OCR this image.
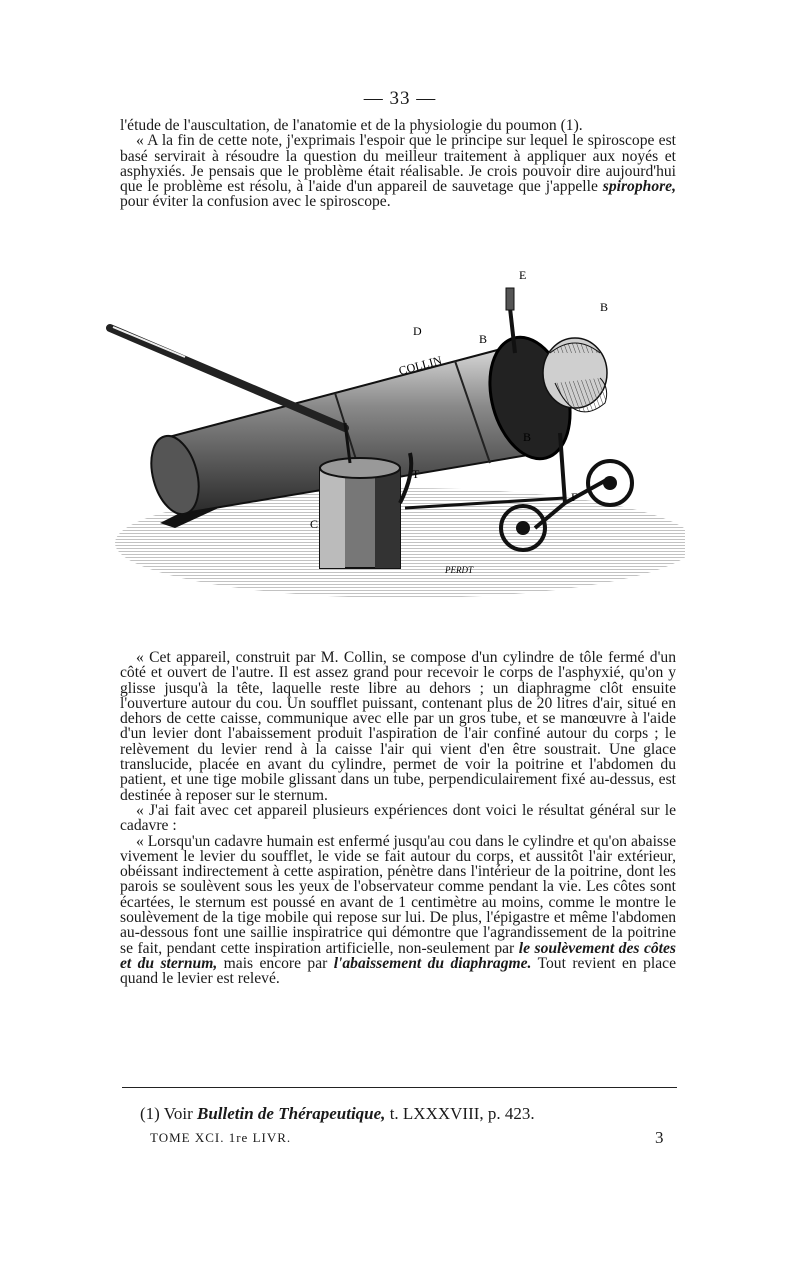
— 33 —

l'étude de l'auscultation, de l'anatomie et de la physiologie du poumon (1).

« A la fin de cette note, j'exprimais l'espoir que le principe sur lequel le spiroscope est basé servirait à résoudre la question du meilleur traitement à appliquer aux noyés et asphyxiés. Je pensais que le problème était réalisable. Je crois pouvoir dire aujourd'hui que le problème est résolu, à l'aide d'un appareil de sauvetage que j'appelle spirophore, pour éviter la confusion avec le spiroscope.

E
B
D
B
B
COLLIN
T
F
C
PERDT

« Cet appareil, construit par M. Collin, se compose d'un cylindre de tôle fermé d'un côté et ouvert de l'autre. Il est assez grand pour recevoir le corps de l'asphyxié, qu'on y glisse jusqu'à la tête, laquelle reste libre au dehors ; un diaphragme clôt ensuite l'ouverture autour du cou. Un soufflet puissant, contenant plus de 20 litres d'air, situé en dehors de cette caisse, communique avec elle par un gros tube, et se manœuvre à l'aide d'un levier dont l'abaissement produit l'aspiration de l'air confiné autour du corps ; le relèvement du levier rend à la caisse l'air qui vient d'en être soustrait. Une glace translucide, placée en avant du cylindre, permet de voir la poitrine et l'abdomen du patient, et une tige mobile glissant dans un tube, perpendiculairement fixé au-dessus, est destinée à reposer sur le sternum.

« J'ai fait avec cet appareil plusieurs expériences dont voici le résultat général sur le cadavre :

« Lorsqu'un cadavre humain est enfermé jusqu'au cou dans le cylindre et qu'on abaisse vivement le levier du soufflet, le vide se fait autour du corps, et aussitôt l'air extérieur, obéissant indirectement à cette aspiration, pénètre dans l'intérieur de la poitrine, dont les parois se soulèvent sous les yeux de l'observateur comme pendant la vie. Les côtes sont écartées, le sternum est poussé en avant de 1 centimètre au moins, comme le montre le soulèvement de la tige mobile qui repose sur lui. De plus, l'épigastre et même l'abdomen au-dessous font une saillie inspiratrice qui démontre que l'agrandissement de la poitrine se fait, pendant cette inspiration artificielle, non-seulement par le soulèvement des côtes et du sternum, mais encore par l'abaissement du diaphragme. Tout revient en place quand le levier est relevé.

(1) Voir Bulletin de Thérapeutique, t. LXXXVIII, p. 423.
TOME XCI. 1re LIVR.	3
